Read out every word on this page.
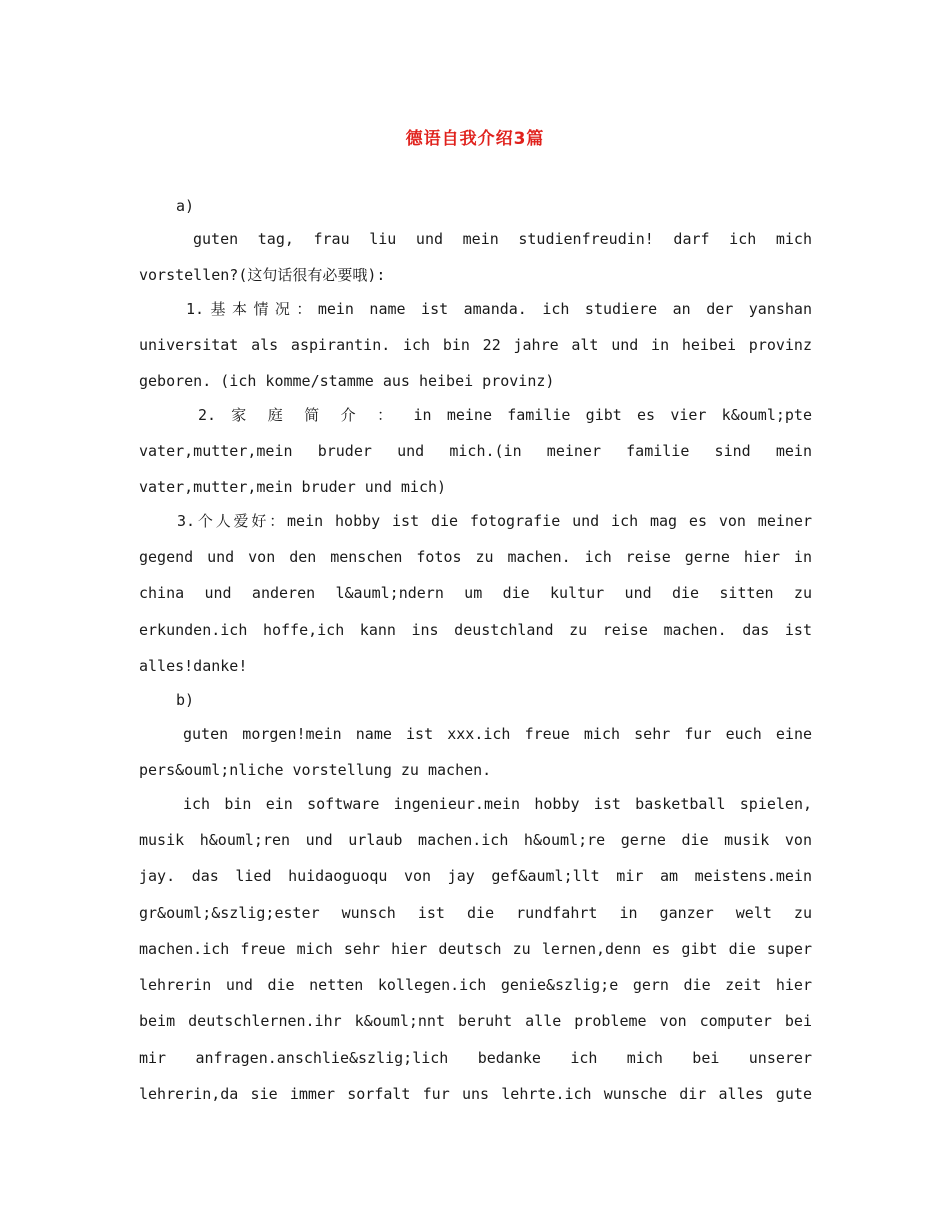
德语自我介绍3篇
a)
guten tag, frau liu und mein studienfreudin! darf ich mich
vorstellen?(这句话很有必要哦):
1.基本情况：mein name ist amanda. ich studiere an der yanshan
universitat als aspirantin. ich bin 22 jahre alt und in heibei provinz
geboren. (ich komme/stamme aus heibei provinz)
2. 家 庭 简 介 ： in meine familie gibt es vier k&ouml;pte
vater,mutter,mein bruder und mich.(in meiner familie sind mein
vater,mutter,mein bruder und mich)
3.个人爱好：mein hobby ist die fotografie und ich mag es von meiner
gegend und von den menschen fotos zu machen. ich reise gerne hier in
china und anderen l&auml;ndern um die kultur und die sitten zu
erkunden.ich hoffe,ich kann ins deustchland zu reise machen. das ist
alles!danke!
b)
guten morgen!mein name ist xxx.ich freue mich sehr fur euch eine
pers&ouml;nliche vorstellung zu machen.
ich bin ein software ingenieur.mein hobby ist basketball spielen,
musik h&ouml;ren und urlaub machen.ich h&ouml;re gerne die musik von
jay. das lied huidaoguoqu von jay gef&auml;llt mir am meistens.mein
gr&ouml;&szlig;ester wunsch ist die rundfahrt in ganzer welt zu
machen.ich freue mich sehr hier deutsch zu lernen,denn es gibt die super
lehrerin und die netten kollegen.ich genie&szlig;e gern die zeit hier
beim deutschlernen.ihr k&ouml;nnt beruht alle probleme von computer bei
mir anfragen.anschlie&szlig;lich bedanke ich mich bei unserer
lehrerin,da sie immer sorfalt fur uns lehrte.ich wunsche dir alles gute
